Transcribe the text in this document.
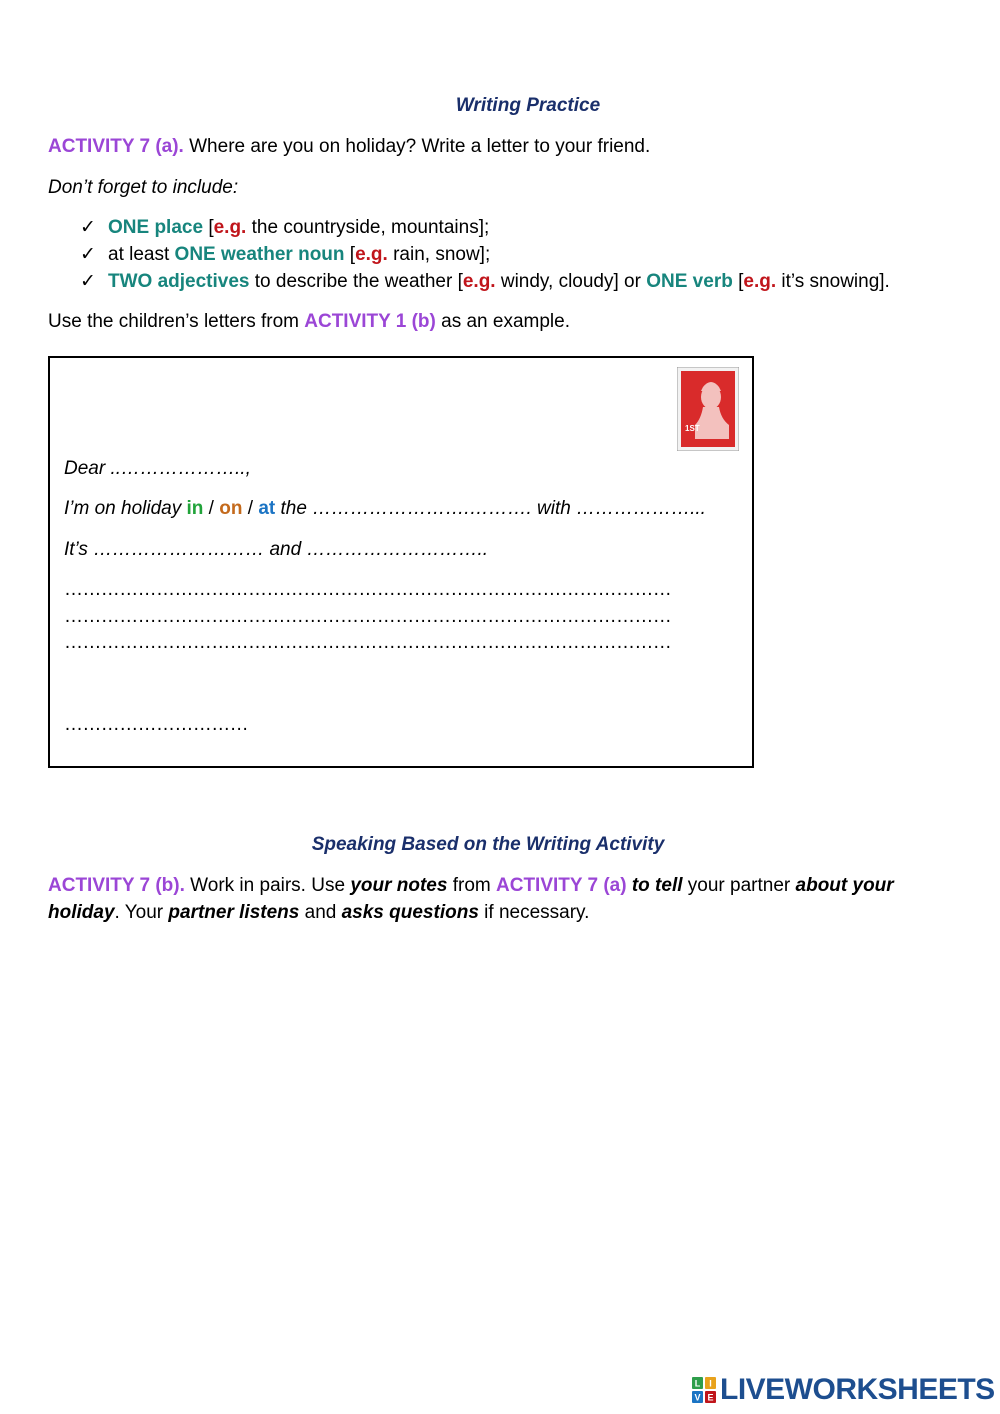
Writing Practice
ACTIVITY 7 (a). Where are you on holiday? Write a letter to your friend.
Don’t forget to include:
✓ ONE place [e.g. the countryside, mountains];
✓ at least ONE weather noun [e.g. rain, snow];
✓ TWO adjectives to describe the weather [e.g. windy, cloudy] or ONE verb [e.g. it’s snowing].
Use the children’s letters from ACTIVITY 1 (b) as an example.
1ST
Dear ..………………..,
I’m on holiday in / on / at the …………………….………. with ………………...
It’s ……………………… and ………………………..
………………………………………………………………………………………
………………………………………………………………………………………
………………………………………………………………………………………
…………………………
Speaking Based on the Writing Activity
ACTIVITY 7 (b). Work in pairs. Use your notes from ACTIVITY 7 (a) to tell your partner about your holiday. Your partner listens and asks questions if necessary.
L I
V E LIVEWORKSHEETS
